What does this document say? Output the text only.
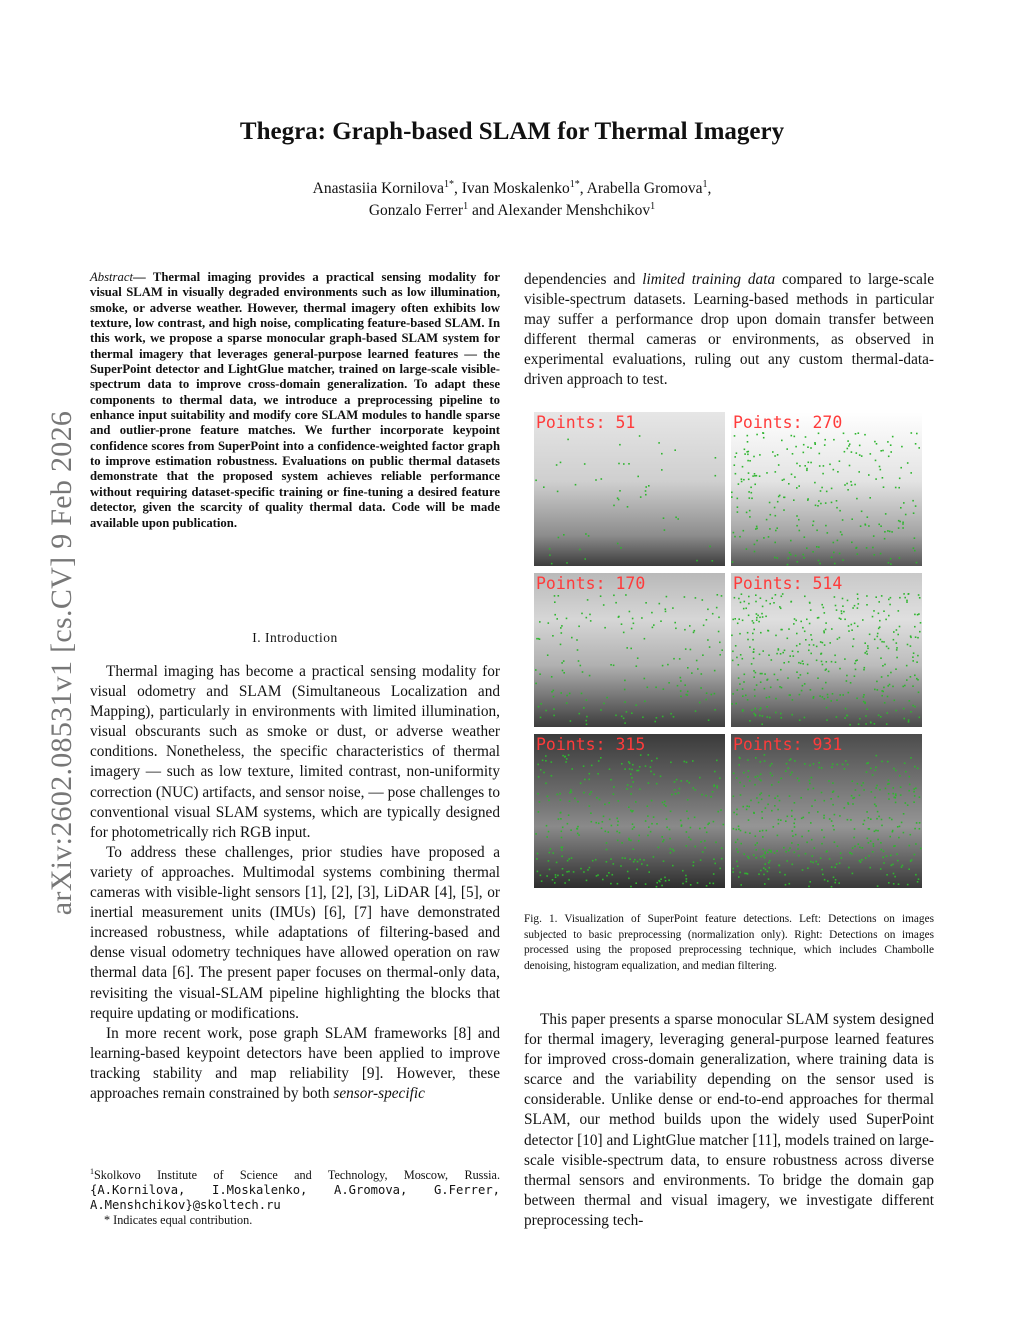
arXiv:2602.08531v1 [cs.CV] 9 Feb 2026
Thegra: Graph-based SLAM for Thermal Imagery
Anastasiia Kornilova$^{1*}$, Ivan Moskalenko$^{1*}$, Arabella Gromova$^1$,
Gonzalo Ferrer$^1$ and Alexander Menshchikov$^1$

Abstract— Thermal imaging provides a practical sensing modality for visual SLAM in visually degraded environments such as low illumination, smoke, or adverse weather. However, thermal imagery often exhibits low texture, low contrast, and high noise, complicating feature-based SLAM. In this work, we propose a sparse monocular graph-based SLAM system for thermal imagery that leverages general-purpose learned features — the SuperPoint detector and LightGlue matcher, trained on large-scale visible-spectrum data to improve cross-domain generalization. To adapt these components to thermal data, we introduce a preprocessing pipeline to enhance input suitability and modify core SLAM modules to handle sparse and outlier-prone feature matches. We further incorporate keypoint confidence scores from SuperPoint into a confidence-weighted factor graph to improve estimation robustness. Evaluations on public thermal datasets demonstrate that the proposed system achieves reliable performance without requiring dataset-specific training or fine-tuning a desired feature detector, given the scarcity of quality thermal data. Code will be made available upon publication.

I. Introduction

Thermal imaging has become a practical sensing modality for visual odometry and SLAM (Simultaneous Localization and Mapping), particularly in environments with limited illumination, visual obscurants such as smoke or dust, or adverse weather conditions. Nonetheless, the specific characteristics of thermal imagery — such as low texture, limited contrast, non-uniformity correction (NUC) artifacts, and sensor noise, — pose challenges to conventional visual SLAM systems, which are typically designed for photometrically rich RGB input.

To address these challenges, prior studies have proposed a variety of approaches. Multimodal systems combining thermal cameras with visible-light sensors [1], [2], [3], LiDAR [4], [5], or inertial measurement units (IMUs) [6], [7] have demonstrated increased robustness, while adaptations of filtering-based and dense visual odometry techniques have allowed operation on raw thermal data [6]. The present paper focuses on thermal-only data, revisiting the visual-SLAM pipeline highlighting the blocks that require updating or modifications.

In more recent work, pose graph SLAM frameworks [8] and learning-based keypoint detectors have been applied to improve tracking stability and map reliability [9]. However, these approaches remain constrained by both sensor-specific

dependencies and limited training data compared to large-scale visible-spectrum datasets. Learning-based methods in particular may suffer a performance drop upon domain transfer between different thermal cameras or environments, as observed in experimental evaluations, ruling out any custom thermal-data-driven approach to test.

Points: 51	Points: 270
Points: 170	Points: 514
Points: 315	Points: 931
Fig. 1. Visualization of SuperPoint feature detections. Left: Detections on images subjected to basic preprocessing (normalization only). Right: Detections on images processed using the proposed preprocessing technique, which includes Chambolle denoising, histogram equalization, and median filtering.

This paper presents a sparse monocular SLAM system designed for thermal imagery, leveraging general-purpose learned features for improved cross-domain generalization, where training data is scarce and the variability depending on the sensor used is considerable. Unlike dense or end-to-end approaches for thermal SLAM, our method builds upon the widely used SuperPoint detector [10] and LightGlue matcher [11], models trained on large-scale visible-spectrum data, to ensure robustness across diverse thermal sensors and environments. To bridge the domain gap between thermal and visual imagery, we investigate different preprocessing tech-

$^1$Skolkovo Institute of Science and Technology, Moscow, Russia. {A.Kornilova, I.Moskalenko, A.Gromova, G.Ferrer, A.Menshchikov}@skoltech.ru

* Indicates equal contribution.
